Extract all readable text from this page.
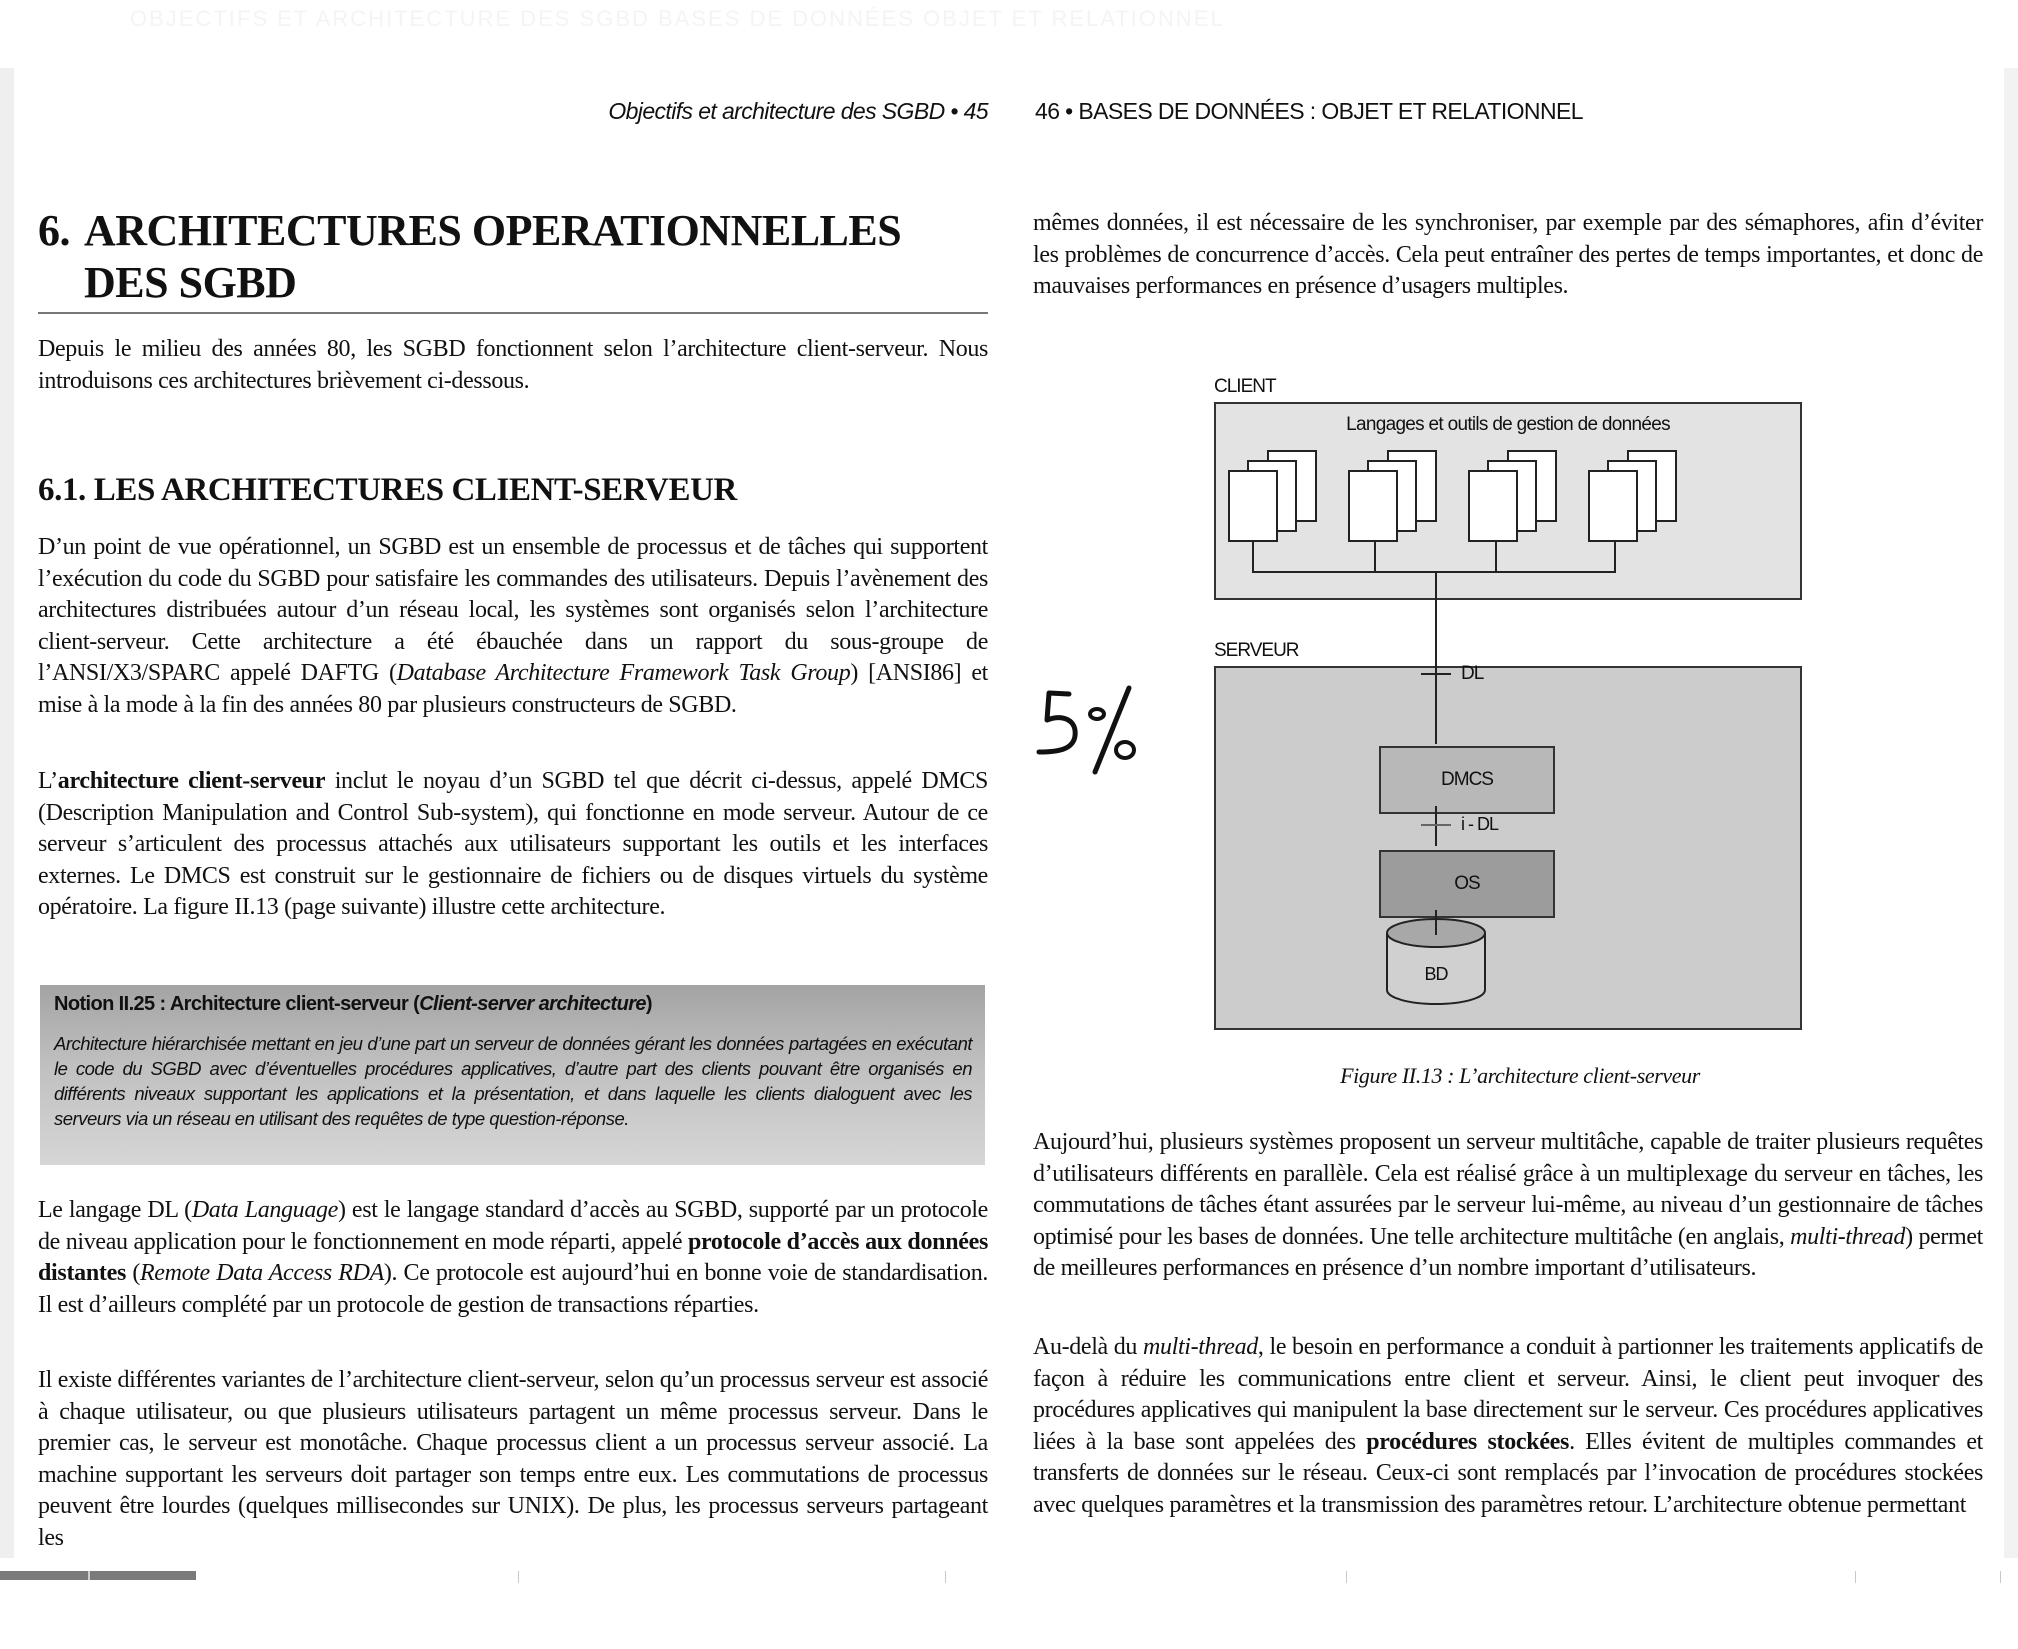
OBJECTIFS ET ARCHITECTURE DES SGBD BASES DE DONNÉES OBJET ET RELATIONNEL
Objectifs et architecture des SGBD • 45 46 • BASES DE DONNÉES : OBJET ET RELATIONNEL
6. ARCHITECTURES OPERATIONNELLES
DES SGBD

Depuis le milieu des années 80, les SGBD fonctionnent selon l’architecture client-serveur. Nous introduisons ces architectures brièvement ci-dessous.

6.1. LES ARCHITECTURES CLIENT-SERVEUR

D’un point de vue opérationnel, un SGBD est un ensemble de processus et de tâches qui supportent l’exécution du code du SGBD pour satisfaire les commandes des utilisateurs. Depuis l’avènement des architectures distribuées autour d’un réseau local, les systèmes sont organisés selon l’architecture client-serveur. Cette architecture a été ébauchée dans un rapport du sous-groupe de l’ANSI/X3/SPARC appelé DAFTG (Database Architecture Framework Task Group) [ANSI86] et mise à la mode à la fin des années 80 par plusieurs constructeurs de SGBD.

L’architecture client-serveur inclut le noyau d’un SGBD tel que décrit ci-dessus, appelé DMCS (Description Manipulation and Control Sub-system), qui fonctionne en mode serveur. Autour de ce serveur s’articulent des processus attachés aux utilisateurs supportant les outils et les interfaces externes. Le DMCS est construit sur le gestionnaire de fichiers ou de disques virtuels du système opératoire. La figure II.13 (page suivante) illustre cette architecture.

Notion II.25 : Architecture client-serveur (Client-server architecture)
Architecture hiérarchisée mettant en jeu d’une part un serveur de données gérant les données partagées en exécutant le code du SGBD avec d’éventuelles procédures applicatives, d’autre part des clients pouvant être organisés en différents niveaux supportant les applications et la présentation, et dans laquelle les clients dialoguent avec les serveurs via un réseau en utilisant des requêtes de type question-réponse.

Le langage DL (Data Language) est le langage standard d’accès au SGBD, supporté par un protocole de niveau application pour le fonctionnement en mode réparti, appelé protocole d’accès aux données distantes (Remote Data Access RDA). Ce protocole est aujourd’hui en bonne voie de standardisation. Il est d’ailleurs complété par un protocole de gestion de transactions réparties.

Il existe différentes variantes de l’architecture client-serveur, selon qu’un processus serveur est associé à chaque utilisateur, ou que plusieurs utilisateurs partagent un même processus serveur. Dans le premier cas, le serveur est monotâche. Chaque processus client a un processus serveur associé. La machine supportant les serveurs doit partager son temps entre eux. Les commutations de processus peuvent être lourdes (quelques millisecondes sur UNIX). De plus, les processus serveurs partageant les

mêmes données, il est nécessaire de les synchroniser, par exemple par des sémaphores, afin d’éviter les problèmes de concurrence d’accès. Cela peut entraîner des pertes de temps importantes, et donc de mauvaises performances en présence d’usagers multiples.

CLIENT
Langages et outils de gestion de données
SERVEUR
DMCS
OS
DL
i - DL
BD
Figure II.13 : L’architecture client-serveur

Aujourd’hui, plusieurs systèmes proposent un serveur multitâche, capable de traiter plusieurs requêtes d’utilisateurs différents en parallèle. Cela est réalisé grâce à un multiplexage du serveur en tâches, les commutations de tâches étant assurées par le serveur lui-même, au niveau d’un gestionnaire de tâches optimisé pour les bases de données. Une telle architecture multitâche (en anglais, multi-thread) permet de meilleures performances en présence d’un nombre important d’utilisateurs.

Au-delà du multi-thread, le besoin en performance a conduit à partionner les traitements applicatifs de façon à réduire les communications entre client et serveur. Ainsi, le client peut invoquer des procédures applicatives qui manipulent la base directement sur le serveur. Ces procédures applicatives liées à la base sont appelées des procédures stockées. Elles évitent de multiples commandes et transferts de données sur le réseau. Ceux-ci sont remplacés par l’invocation de procédures stockées avec quelques paramètres et la transmission des paramètres retour. L’architecture obtenue permettant
